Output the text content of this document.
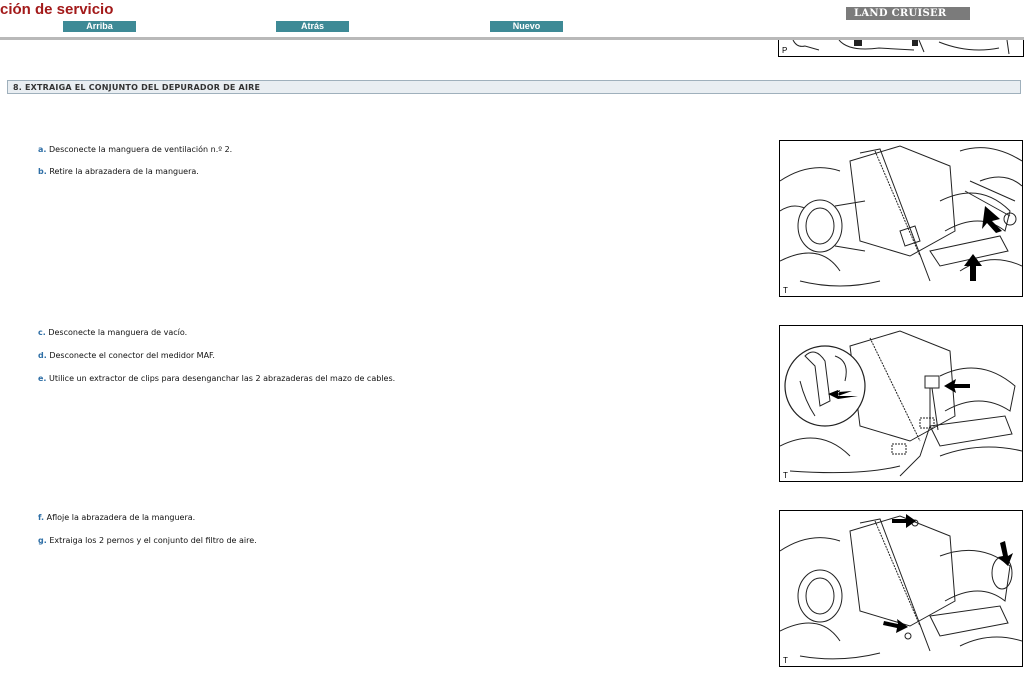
ción de servicio
Arriba	Atrás	Nuevo
LAND CRUISER
P
8. EXTRAIGA EL CONJUNTO DEL DEPURADOR DE AIRE
a. Desconecte la manguera de ventilación n.º 2.
b. Retire la abrazadera de la manguera.
c. Desconecte la manguera de vacío.
d. Desconecte el conector del medidor MAF.
e. Utilice un extractor de clips para desenganchar las 2 abrazaderas del mazo de cables.
f. Afloje la abrazadera de la manguera.
g. Extraiga los 2 pernos y el conjunto del filtro de aire.
T
T
T
